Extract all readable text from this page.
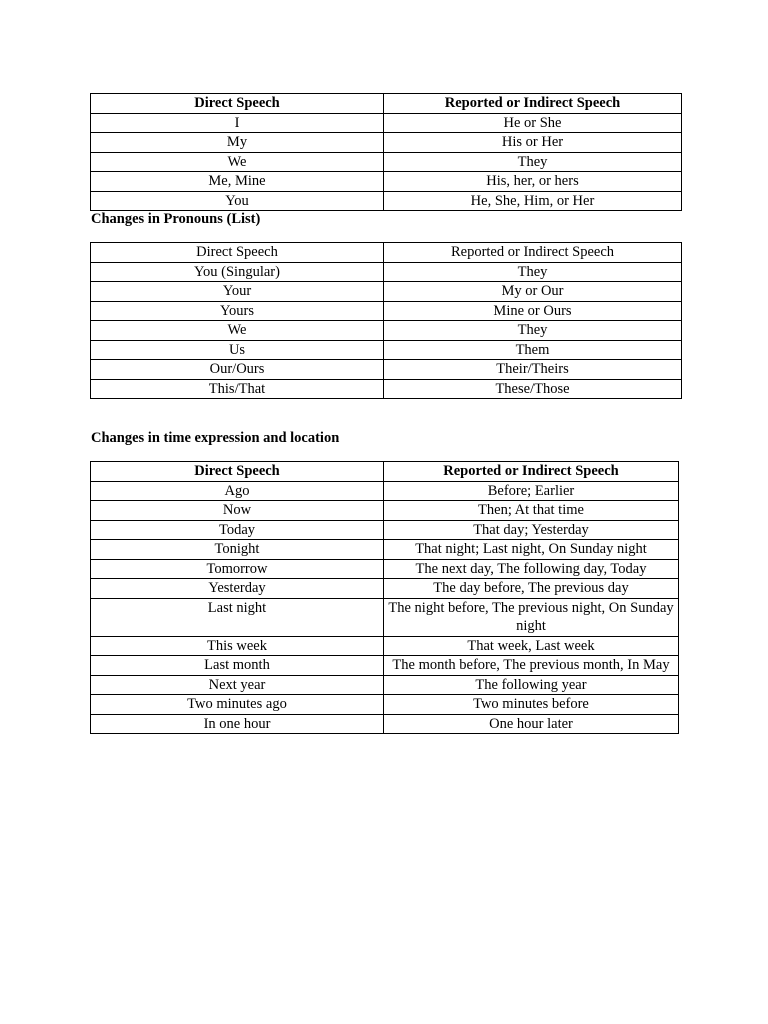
Direct Speech	Reported or Indirect Speech
I	He or She
My	His or Her
We	They
Me, Mine	His, her, or hers
You	He, She, Him, or Her
Changes in Pronouns (List)
Direct Speech	Reported or Indirect Speech
You (Singular)	They
Your	My or Our
Yours	Mine or Ours
We	They
Us	Them
Our/Ours	Their/Theirs
This/That	These/Those
Changes in time expression and location
Direct Speech	Reported or Indirect Speech
Ago	Before; Earlier
Now	Then; At that time
Today	That day; Yesterday
Tonight	That night; Last night, On Sunday night
Tomorrow	The next day, The following day, Today
Yesterday	The day before, The previous day
Last night	The night before, The previous night, On Sunday night
This week	That week, Last week
Last month	The month before, The previous month, In May
Next year	The following year
Two minutes ago	Two minutes before
In one hour	One hour later
